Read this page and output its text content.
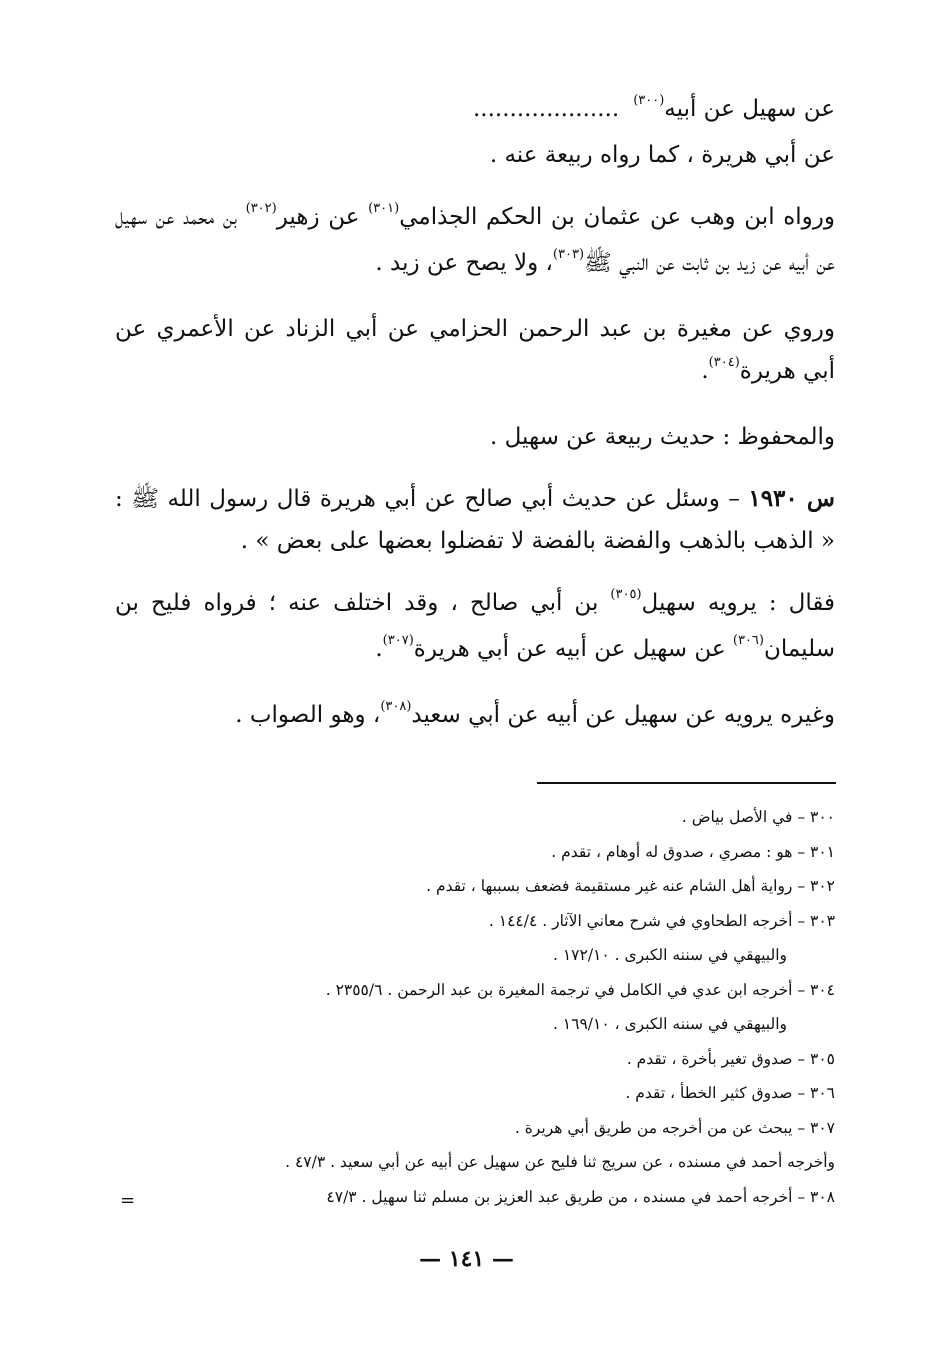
عن سهيل عن أبيه$^{(٣٠٠)}$....................

عن أبي هريرة ، كما رواه ربيعة عنه .

ورواه ابن وهب عن عثمان بن الحكم الجذامي$^{(٣٠١)}$ عن زهير$^{(٣٠٢)}$ بن محمد عن سهيل عن أبيه عن زيد بن ثابت عن النبي ﷺ$^{(٣٠٣)}$، ولا يصح عن زيد .

وروي عن مغيرة بن عبد الرحمن الحزامي عن أبي الزناد عن الأعمري عن أبي هريرة$^{(٣٠٤)}$.

والمحفوظ : حديث ربيعة عن سهيل .

س ١٩٣٠ – وسئل عن حديث أبي صالح عن أبي هريرة قال رسول الله ﷺ : « الذهب بالذهب والفضة بالفضة لا تفضلوا بعضها على بعض » .

فقال : يرويه سهيل$^{(٣٠٥)}$ بن أبي صالح ، وقد اختلف عنه ؛ فرواه فليح بن سليمان$^{(٣٠٦)}$ عن سهيل عن أبيه عن أبي هريرة$^{(٣٠٧)}$.

وغيره يرويه عن سهيل عن أبيه عن أبي سعيد$^{(٣٠٨)}$، وهو الصواب .

٣٠٠ – في الأصل بياض .
٣٠١ – هو : مصري ، صدوق له أوهام ، تقدم .
٣٠٢ – رواية أهل الشام عنه غير مستقيمة فضعف بسببها ، تقدم .
٣٠٣ – أخرجه الطحاوي في شرح معاني الآثار . ١٤٤/٤ .
والبيهقي في سننه الكبرى . ١٧٢/١٠ .
٣٠٤ – أخرجه ابن عدي في الكامل في ترجمة المغيرة بن عبد الرحمن . ٢٣٥٥/٦ .
والبيهقي في سننه الكبرى ، ١٦٩/١٠ .
٣٠٥ – صدوق تغير بأخرة ، تقدم .
٣٠٦ – صدوق كثير الخطأ ، تقدم .
٣٠٧ – يبحث عن من أخرجه من طريق أبي هريرة .
وأخرجه أحمد في مسنده ، عن سريج ثنا فليح عن سهيل عن أبيه عن أبي سعيد . ٤٧/٣ .
٣٠٨ – أخرجه أحمد في مسنده ، من طريق عبد العزيز بن مسلم ثنا سهيل . ٤٧/٣
=
— ١٤١ —
